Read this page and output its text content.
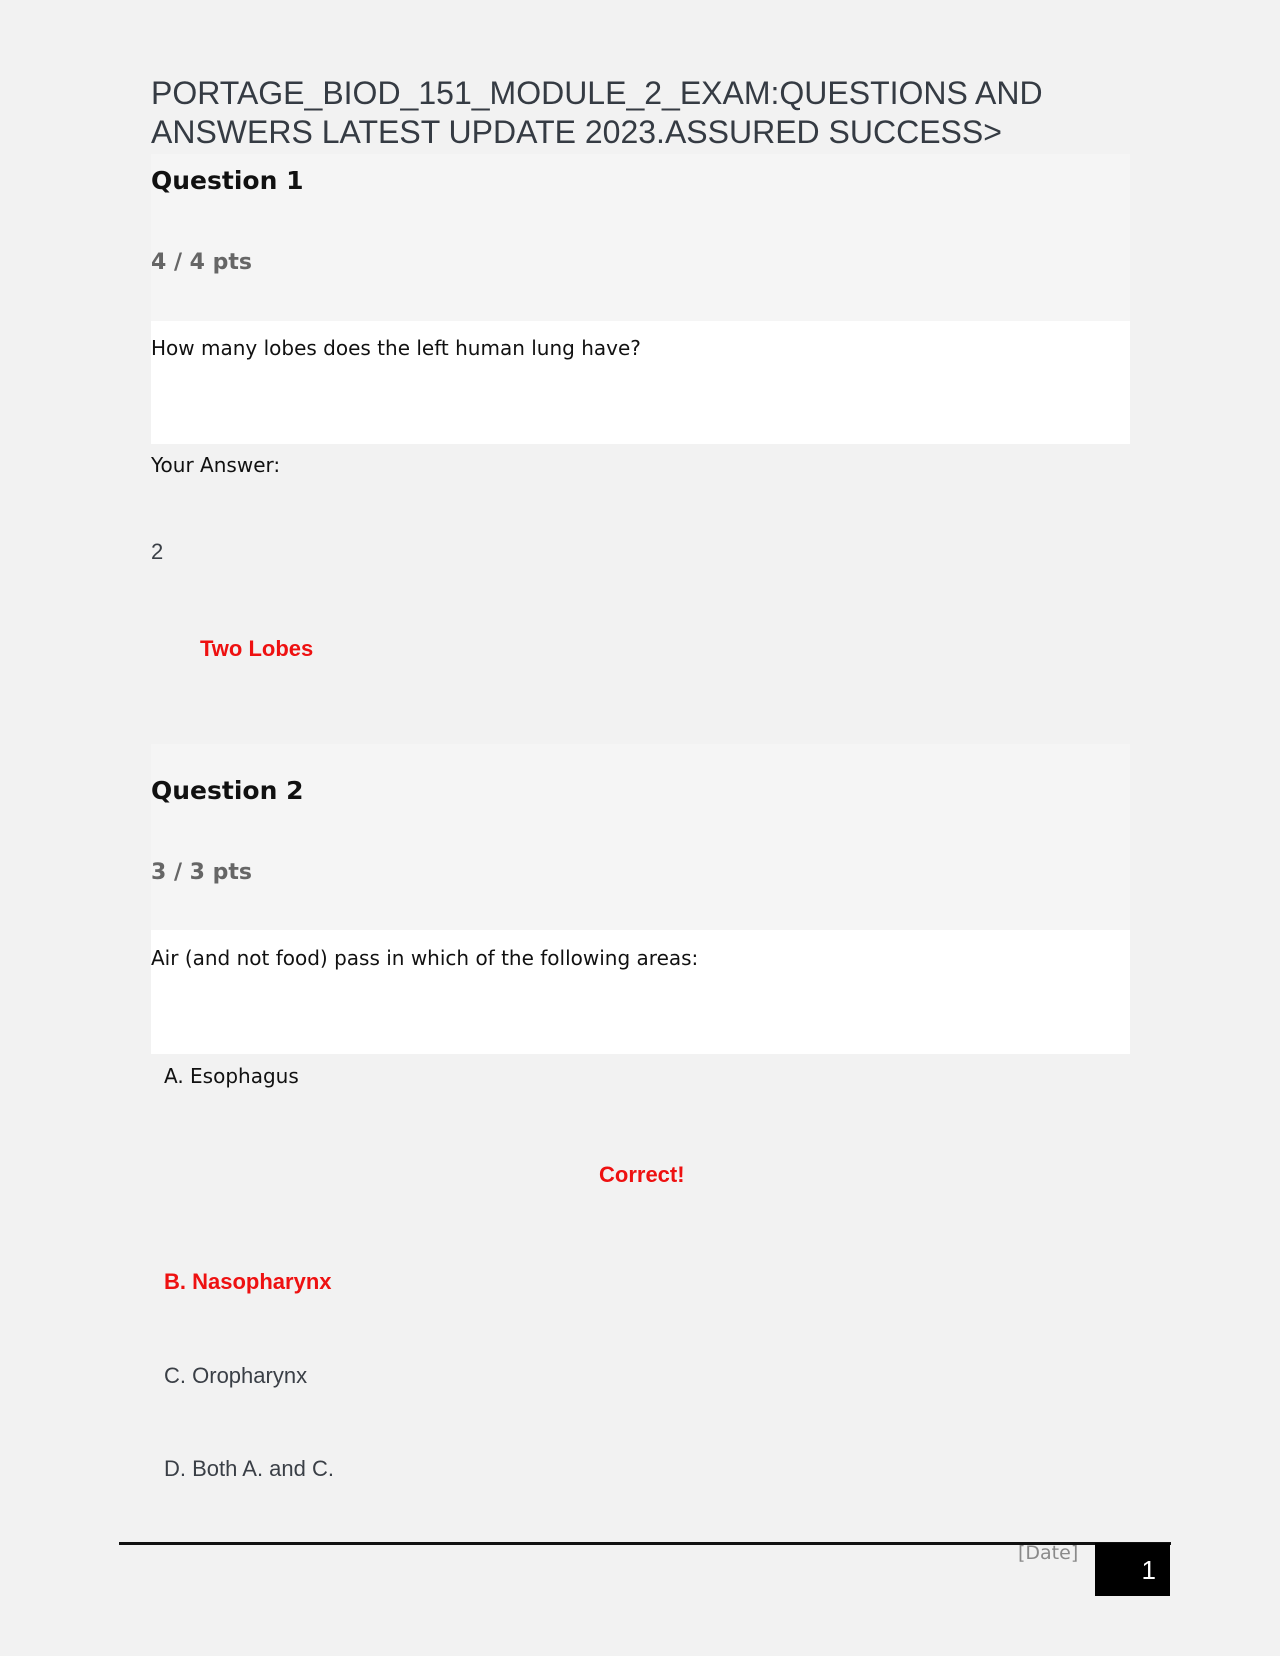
PORTAGE_BIOD_151_MODULE_2_EXAM:QUESTIONS AND ANSWERS LATEST UPDATE 2023.ASSURED SUCCESS>
Question 1
4 / 4 pts
How many lobes does the left human lung have?
Your Answer:
2
Two Lobes
Question 2
3 / 3 pts
Air (and not food) pass in which of the following areas:
A. Esophagus
Correct!
B. Nasopharynx
C. Oropharynx
D. Both A. and C.
[Date]
1
